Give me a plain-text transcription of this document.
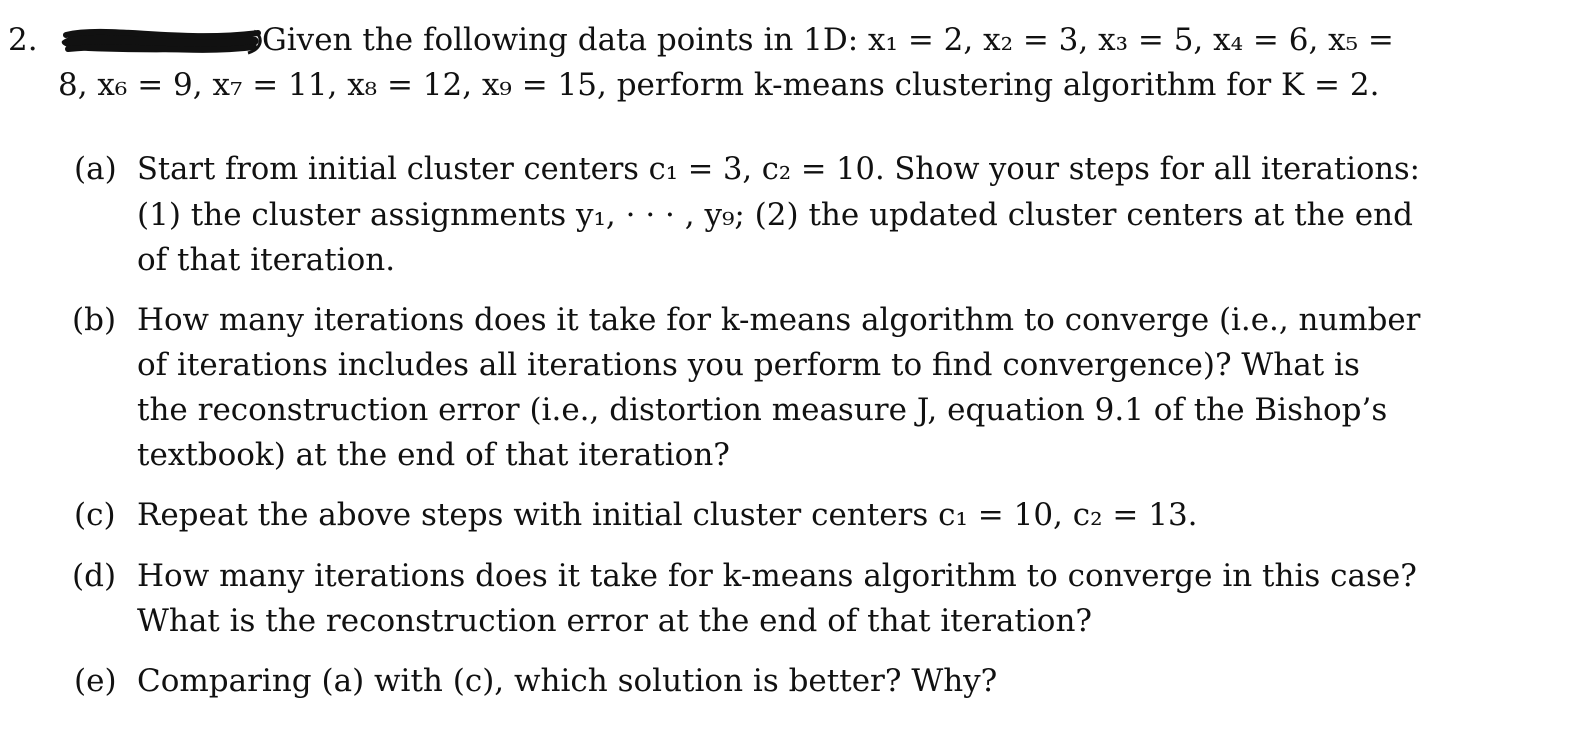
2.	Given the following data points in 1D: x₁ = 2, x₂ = 3, x₃ = 5, x₄ = 6, x₅ =
8, x₆ = 9, x₇ = 11, x₈ = 12, x₉ = 15, perform k-means clustering algorithm for K = 2.
(a) Start from initial cluster centers c₁ = 3, c₂ = 10. Show your steps for all iterations:
(1) the cluster assignments y₁, · · · , y₉; (2) the updated cluster centers at the end
of that iteration.
(b) How many iterations does it take for k-means algorithm to converge (i.e., number
of iterations includes all iterations you perform to find convergence)? What is
the reconstruction error (i.e., distortion measure J, equation 9.1 of the Bishop’s
textbook) at the end of that iteration?
(c) Repeat the above steps with initial cluster centers c₁ = 10, c₂ = 13.
(d) How many iterations does it take for k-means algorithm to converge in this case?
What is the reconstruction error at the end of that iteration?
(e) Comparing (a) with (c), which solution is better? Why?
